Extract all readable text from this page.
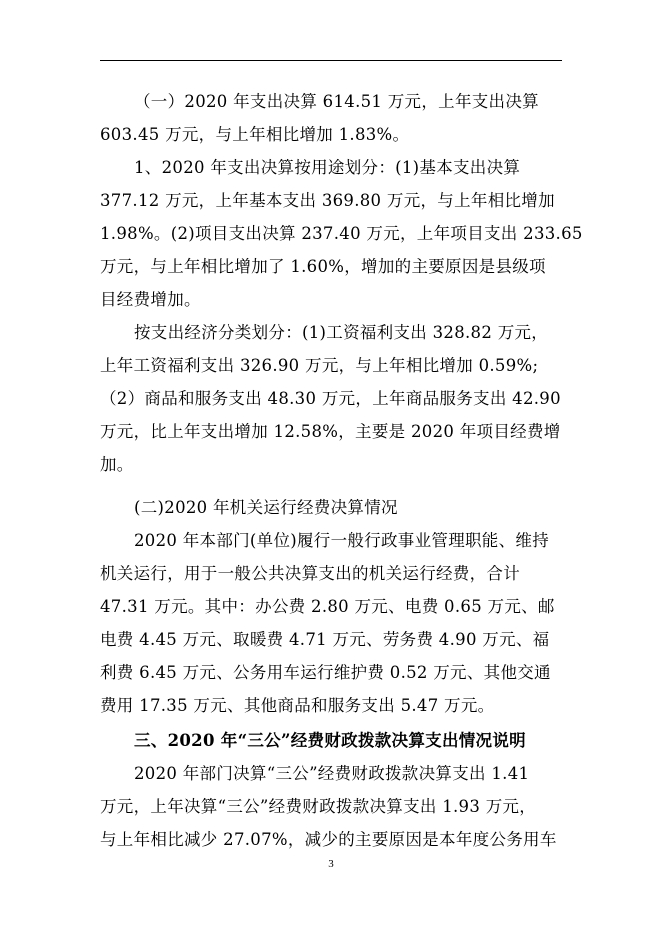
（一）2020 年支出决算 614.51 万元，上年支出决算
603.45 万元，与上年相比增加 1.83%。
1、2020 年支出决算按用途划分：(1)基本支出决算
377.12 万元，上年基本支出 369.80 万元，与上年相比增加
1.98%。(2)项目支出决算 237.40 万元，上年项目支出 233.65
万元，与上年相比增加了 1.60%，增加的主要原因是县级项
目经费增加。
按支出经济分类划分：(1)工资福利支出 328.82 万元，
上年工资福利支出 326.90 万元，与上年相比增加 0.59%;
（2）商品和服务支出 48.30 万元，上年商品服务支出 42.90
万元，比上年支出增加 12.58%，主要是 2020 年项目经费增
加。
(二)2020 年机关运行经费决算情况
2020 年本部门(单位)履行一般行政事业管理职能、维持
机关运行，用于一般公共决算支出的机关运行经费，合计
47.31 万元。其中：办公费 2.80 万元、电费 0.65 万元、邮
电费 4.45 万元、取暖费 4.71 万元、劳务费 4.90 万元、福
利费 6.45 万元、公务用车运行维护费 0.52 万元、其他交通
费用 17.35 万元、其他商品和服务支出 5.47 万元。
三、2020 年“三公”经费财政拨款决算支出情况说明
2020 年部门决算“三公”经费财政拨款决算支出 1.41
万元，上年决算“三公”经费财政拨款决算支出 1.93 万元，
与上年相比减少 27.07%，减少的主要原因是本年度公务用车
3
